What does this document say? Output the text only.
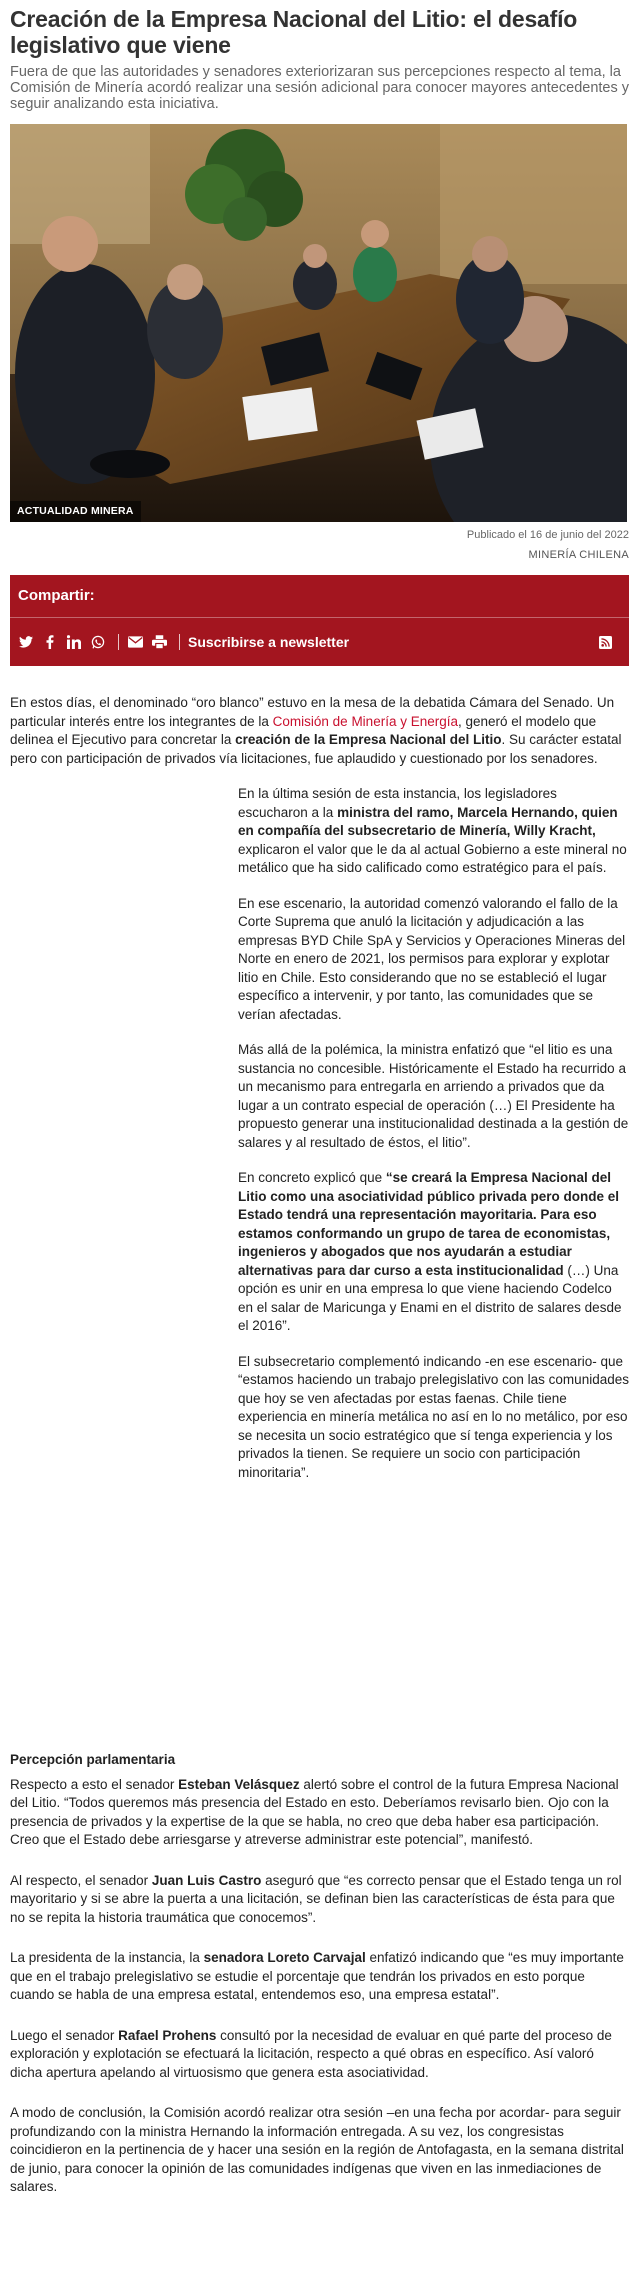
Creación de la Empresa Nacional del Litio: el desafío legislativo que viene

Fuera de que las autoridades y senadores exteriorizaran sus percepciones respecto al tema, la Comisión de Minería acordó realizar una sesión adicional para conocer mayores antecedentes y seguir analizando esta iniciativa.

ACTUALIDAD MINERA
Publicado el 16 de junio del 2022
MINERÍA CHILENA
Compartir:
Suscribirse a newsletter

En estos días, el denominado “oro blanco” estuvo en la mesa de la debatida Cámara del Senado. Un particular interés entre los integrantes de la Comisión de Minería y Energía, generó el modelo que delinea el Ejecutivo para concretar la creación de la Empresa Nacional del Litio. Su carácter estatal pero con participación de privados vía licitaciones, fue aplaudido y cuestionado por los senadores.

En la última sesión de esta instancia, los legisladores escucharon a la ministra del ramo, Marcela Hernando, quien en compañía del subsecretario de Minería, Willy Kracht, explicaron el valor que le da al actual Gobierno a este mineral no metálico que ha sido calificado como estratégico para el país.

En ese escenario, la autoridad comenzó valorando el fallo de la Corte Suprema que anuló la licitación y adjudicación a las empresas BYD Chile SpA y Servicios y Operaciones Mineras del Norte en enero de 2021, los permisos para explorar y explotar litio en Chile. Esto considerando que no se estableció el lugar específico a intervenir, y por tanto, las comunidades que se verían afectadas.

Más allá de la polémica, la ministra enfatizó que “el litio es una sustancia no concesible. Históricamente el Estado ha recurrido a un mecanismo para entregarla en arriendo a privados que da lugar a un contrato especial de operación (…) El Presidente ha propuesto generar una institucionalidad destinada a la gestión de salares y al resultado de éstos, el litio”.

En concreto explicó que “se creará la Empresa Nacional del Litio como una asociatividad público privada pero donde el Estado tendrá una representación mayoritaria. Para eso estamos conformando un grupo de tarea de economistas, ingenieros y abogados que nos ayudarán a estudiar alternativas para dar curso a esta institucionalidad (…) Una opción es unir en una empresa lo que viene haciendo Codelco en el salar de Maricunga y Enami en el distrito de salares desde el 2016”.

El subsecretario complementó indicando -en ese escenario- que “estamos haciendo un trabajo prelegislativo con las comunidades que hoy se ven afectadas por estas faenas. Chile tiene experiencia en minería metálica no así en lo no metálico, por eso se necesita un socio estratégico que sí tenga experiencia y los privados la tienen. Se requiere un socio con participación minoritaria”.

Percepción parlamentaria

Respecto a esto el senador Esteban Velásquez alertó sobre el control de la futura Empresa Nacional del Litio. “Todos queremos más presencia del Estado en esto. Deberíamos revisarlo bien. Ojo con la presencia de privados y la expertise de la que se habla, no creo que deba haber esa participación. Creo que el Estado debe arriesgarse y atreverse administrar este potencial”, manifestó.

Al respecto, el senador Juan Luis Castro aseguró que “es correcto pensar que el Estado tenga un rol mayoritario y si se abre la puerta a una licitación, se definan bien las características de ésta para que no se repita la historia traumática que conocemos”.

La presidenta de la instancia, la senadora Loreto Carvajal enfatizó indicando que “es muy importante que en el trabajo prelegislativo se estudie el porcentaje que tendrán los privados en esto porque cuando se habla de una empresa estatal, entendemos eso, una empresa estatal”.

Luego el senador Rafael Prohens consultó por la necesidad de evaluar en qué parte del proceso de exploración y explotación se efectuará la licitación, respecto a qué obras en específico. Así valoró dicha apertura apelando al virtuosismo que genera esta asociatividad.

A modo de conclusión, la Comisión acordó realizar otra sesión –en una fecha por acordar- para seguir profundizando con la ministra Hernando la información entregada. A su vez, los congresistas coincidieron en la pertinencia de y hacer una sesión en la región de Antofagasta, en la semana distrital de junio, para conocer la opinión de las comunidades indígenas que viven en las inmediaciones de salares.
